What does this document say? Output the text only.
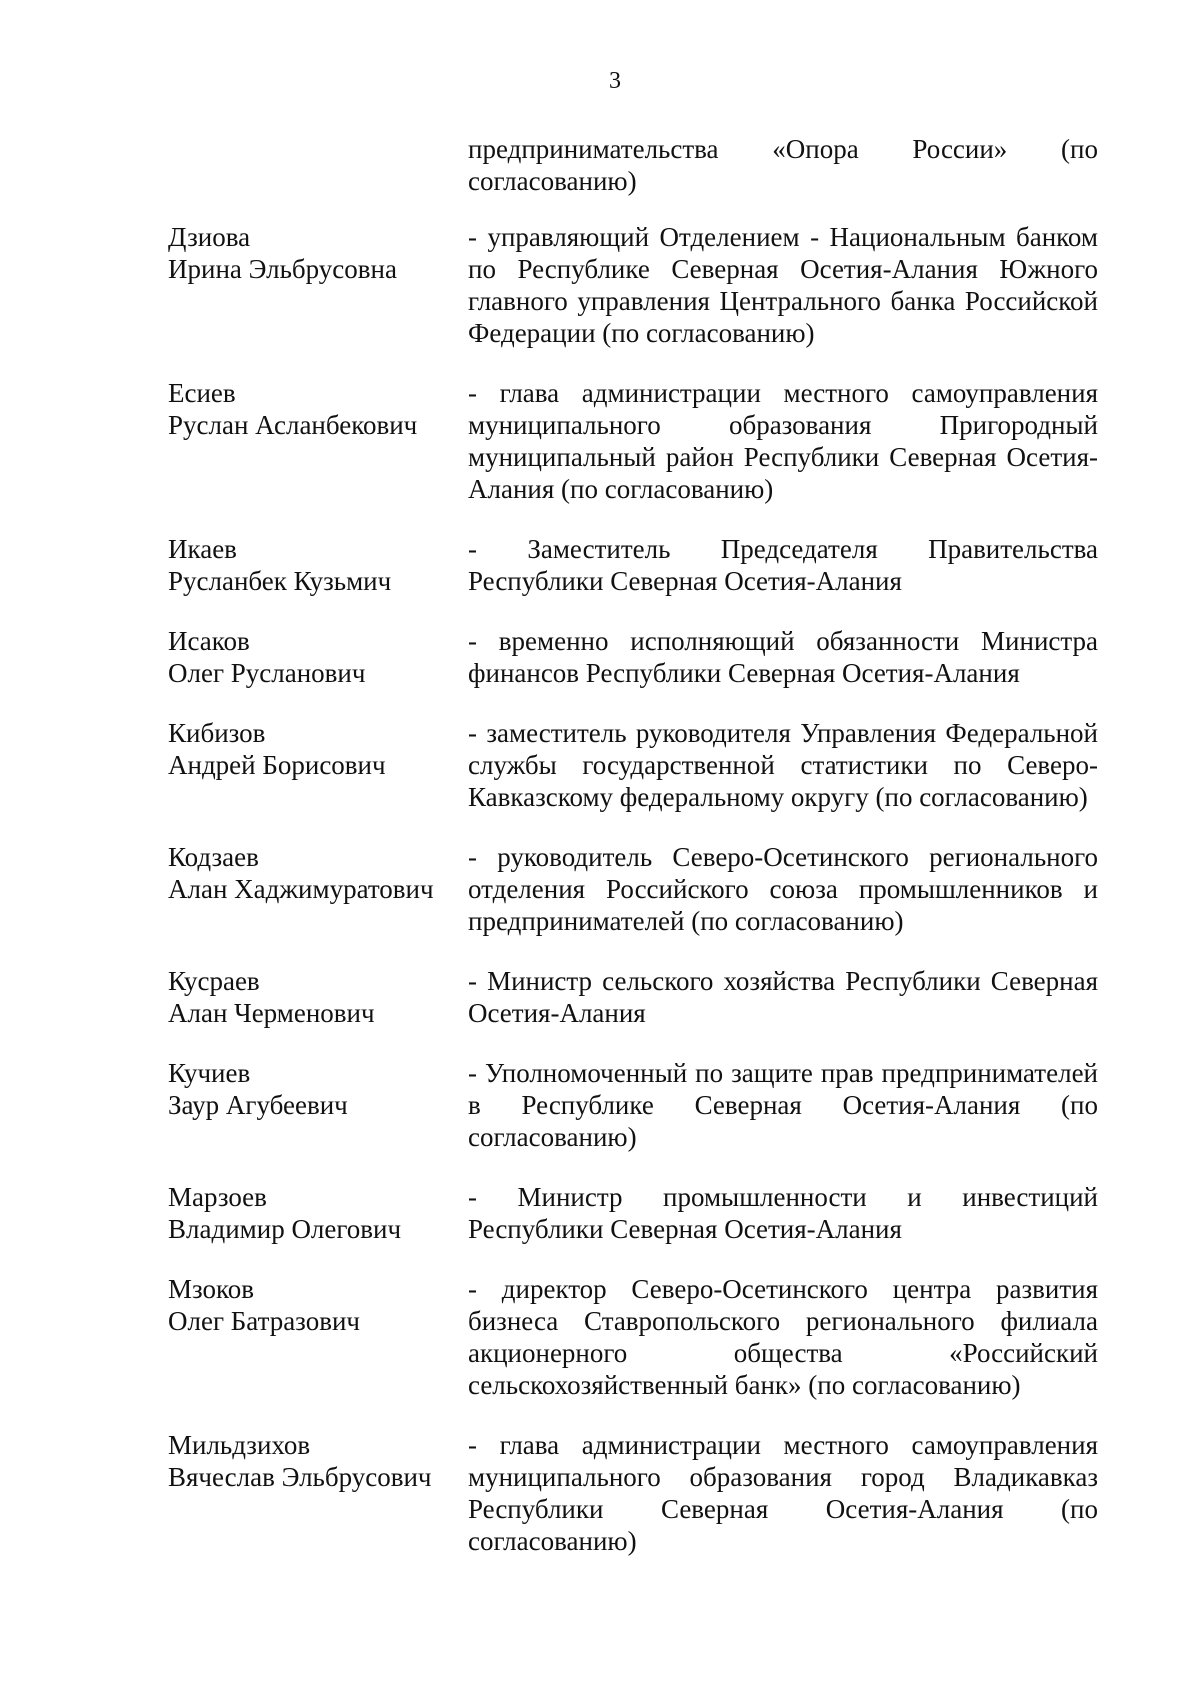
3
предпринимательства «Опора России» (по согласованию)
Дзиова
Ирина Эльбрусовна
- управляющий Отделением - Национальным банком по Республике Северная Осетия-Алания Южного главного управления Центрального банка Российской Федерации (по согласованию)
Есиев
Руслан Асланбекович
- глава администрации местного самоуправления муниципального образования Пригородный муниципальный район Республики Северная Осетия-Алания (по согласованию)
Икаев
Русланбек Кузьмич
- Заместитель Председателя Правительства Республики Северная Осетия-Алания
Исаков
Олег Русланович
- временно исполняющий обязанности Министра финансов Республики Северная Осетия-Алания
Кибизов
Андрей Борисович
- заместитель руководителя Управления Федеральной службы государственной статистики по Северо-Кавказскому федеральному округу (по согласованию)
Кодзаев
Алан Хаджимуратович
- руководитель Северо-Осетинского регионального отделения Российского союза промышленников и предпринимателей (по согласованию)
Кусраев
Алан Черменович
- Министр сельского хозяйства Республики Северная Осетия-Алания
Кучиев
Заур Агубеевич
- Уполномоченный по защите прав предпринимателей в Республике Северная Осетия-Алания (по согласованию)
Марзоев
Владимир Олегович
- Министр промышленности и инвестиций Республики Северная Осетия-Алания
Мзоков
Олег Батразович
- директор Северо-Осетинского центра развития бизнеса Ставропольского регионального филиала акционерного общества «Российский сельскохозяйственный банк» (по согласованию)
Мильдзихов
Вячеслав Эльбрусович
- глава администрации местного самоуправления муниципального образования город Владикавказ Республики Северная Осетия-Алания (по согласованию)
